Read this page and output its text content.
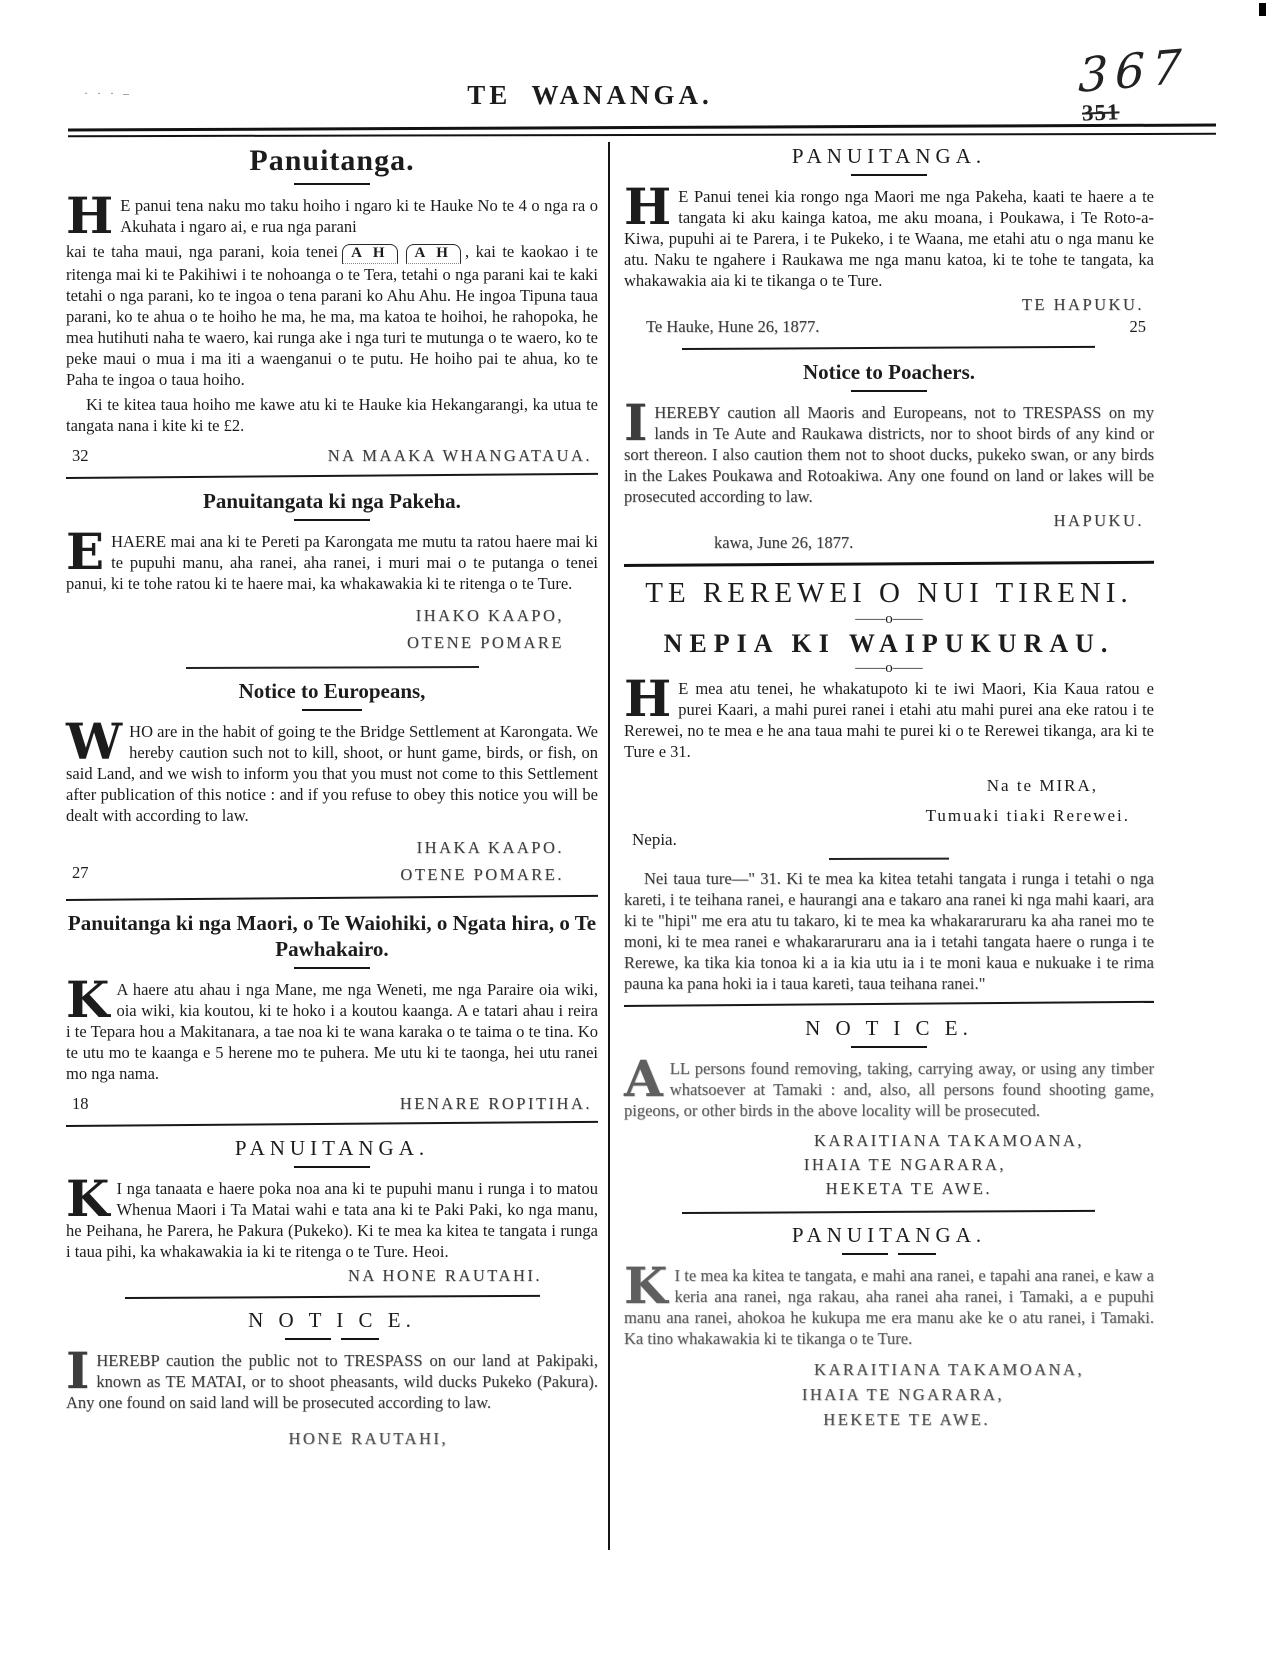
· · · –	TE WANANGA.	367
351
Panuitanga.

H E panui tena naku mo taku hoiho i ngaro ki te Hauke No te 4 o nga ra o Akuhata i ngaro ai, e rua nga parani

kai te taha maui, nga parani, koia tenei A H A H , kai te kaokao i te ritenga mai ki te Pakihiwi i te nohoanga o te Tera, tetahi o nga parani kai te kaki tetahi o nga parani, ko te ingoa o tena parani ko Ahu Ahu. He ingoa Tipuna taua parani, ko te ahua o te hoiho he ma, he ma, ma katoa te hoihoi, he rahopoka, he mea hutihuti naha te waero, kai runga ake i nga turi te mutunga o te waero, ko te peke maui o mua i ma iti a waenganui o te putu. He hoiho pai te ahua, ko te Paha te ingoa o taua hoiho.

Ki te kitea taua hoiho me kawe atu ki te Hauke kia Hekangarangi, ka utua te tangata nana i kite ki te £2.

32	NA MAAKA WHANGATAUA.
Panuitangata ki nga Pakeha.

EHAERE mai ana ki te Pereti pa Karongata me mutu ta ratou haere mai ki te pupuhi manu, aha ranei, aha ranei, i muri mai o te putanga o tenei panui, ki te tohe ratou ki te haere mai, ka whakawakia ki te ritenga o te Ture.

IHAKO KAAPO,
OTENE POMARE
Notice to Europeans,

WHO are in the habit of going te the Bridge Settlement at Karongata. We hereby caution such not to kill, shoot, or hunt game, birds, or fish, on said Land, and we wish to inform you that you must not come to this Settlement after publication of this notice : and if you refuse to obey this notice you will be dealt with according to law.

27
IHAKA KAAPO.
OTENE POMARE.
Panuitanga ki nga Maori, o Te Waiohiki, o Ngata hira, o Te Pawhakairo.

K A haere atu ahau i nga Mane, me nga Weneti, me nga Paraire oia wiki, oia wiki, kia koutou, ki te hoko i a koutou kaanga. A e tatari ahau i reira i te Tepara hou a Makitanara, a tae noa ki te wana karaka o te taima o te tina. Ko te utu mo te kaanga e 5 herene mo te puhera. Me utu ki te taonga, hei utu ranei mo nga nama.

18	HENARE ROPITIHA.
PANUITANGA.

K I nga tanaata e haere poka noa ana ki te pupuhi manu i runga i to matou Whenua Maori i Ta Matai wahi e tata ana ki te Paki Paki, ko nga manu, he Peihana, he Parera, he Pakura (Pukeko). Ki te mea ka kitea te tangata i runga i taua pihi, ka whakawakia ia ki te ritenga o te Ture. Heoi.

NA HONE RAUTAHI.
N O T I C E.

IHEREBP caution the public not to TRESPASS on our land at Pakipaki, known as TE MATAI, or to shoot pheasants, wild ducks Pukeko (Pakura). Any one found on said land will be prosecuted according to law.

HONE RAUTAHI,
PANUITANGA.

H E Panui tenei kia rongo nga Maori me nga Pakeha, kaati te haere a te tangata ki aku kainga katoa, me aku moana, i Poukawa, i Te Roto-a-Kiwa, pupuhi ai te Parera, i te Pukeko, i te Waana, me etahi atu o nga manu ke atu. Naku te ngahere i Raukawa me nga manu katoa, ki te tohe te tangata, ka whakawakia aia ki te tikanga o te Ture.

TE HAPUKU.
Te Hauke, Hune 26, 1877.	25
Notice to Poachers.

IHEREBY caution all Maoris and Europeans, not to TRESPASS on my lands in Te Aute and Raukawa districts, nor to shoot birds of any kind or sort thereon. I also caution them not to shoot ducks, pukeko swan, or any birds in the Lakes Poukawa and Rotoakiwa. Any one found on land or lakes will be prosecuted according to law.

HAPUKU.
kawa, June 26, 1877.
TE REREWEI O NUI TIRENI.
——o——
NEPIA KI WAIPUKURAU.
——o——

H E mea atu tenei, he whakatupoto ki te iwi Maori, Kia Kaua ratou e purei Kaari, a mahi purei ranei i etahi atu mahi purei ana eke ratou i te Rerewei, no te mea e he ana taua mahi te purei ki o te Rerewei tikanga, ara ki te Ture e 31.

Na te MIRA,
Tumuaki tiaki Rerewei.
Nepia.

Nei taua ture—" 31. Ki te mea ka kitea tetahi tangata i runga i tetahi o nga kareti, i te teihana ranei, e haurangi ana e takaro ana ranei ki nga mahi kaari, ara ki te "hipi" me era atu tu takaro, ki te mea ka whakararuraru ka aha ranei mo te moni, ki te mea ranei e whakararuraru ana ia i tetahi tangata haere o runga i te Rerewe, ka tika kia tonoa ki a ia kia utu ia i te moni kaua e nukuake i te rima pauna ka pana hoki ia i taua kareti, taua teihana ranei."

N O T I C E.

ALL persons found removing, taking, carrying away, or using any timber whatsoever at Tamaki : and, also, all persons found shooting game, pigeons, or other birds in the above locality will be prosecuted.

KARAITIANA TAKAMOANA,
IHAIA TE NGARARA,
HEKETA TE AWE.
PANUITANGA.

K I te mea ka kitea te tangata, e mahi ana ranei, e tapahi ana ranei, e kaw a keria ana ranei, nga rakau, aha ranei aha ranei, i Tamaki, a e pupuhi manu ana ranei, ahokoa he kukupa me era manu ake ke o atu ranei, i Tamaki. Ka tino whakawakia ki te tikanga o te Ture.

KARAITIANA TAKAMOANA,
IHAIA TE NGARARA,
HEKETE TE AWE.
